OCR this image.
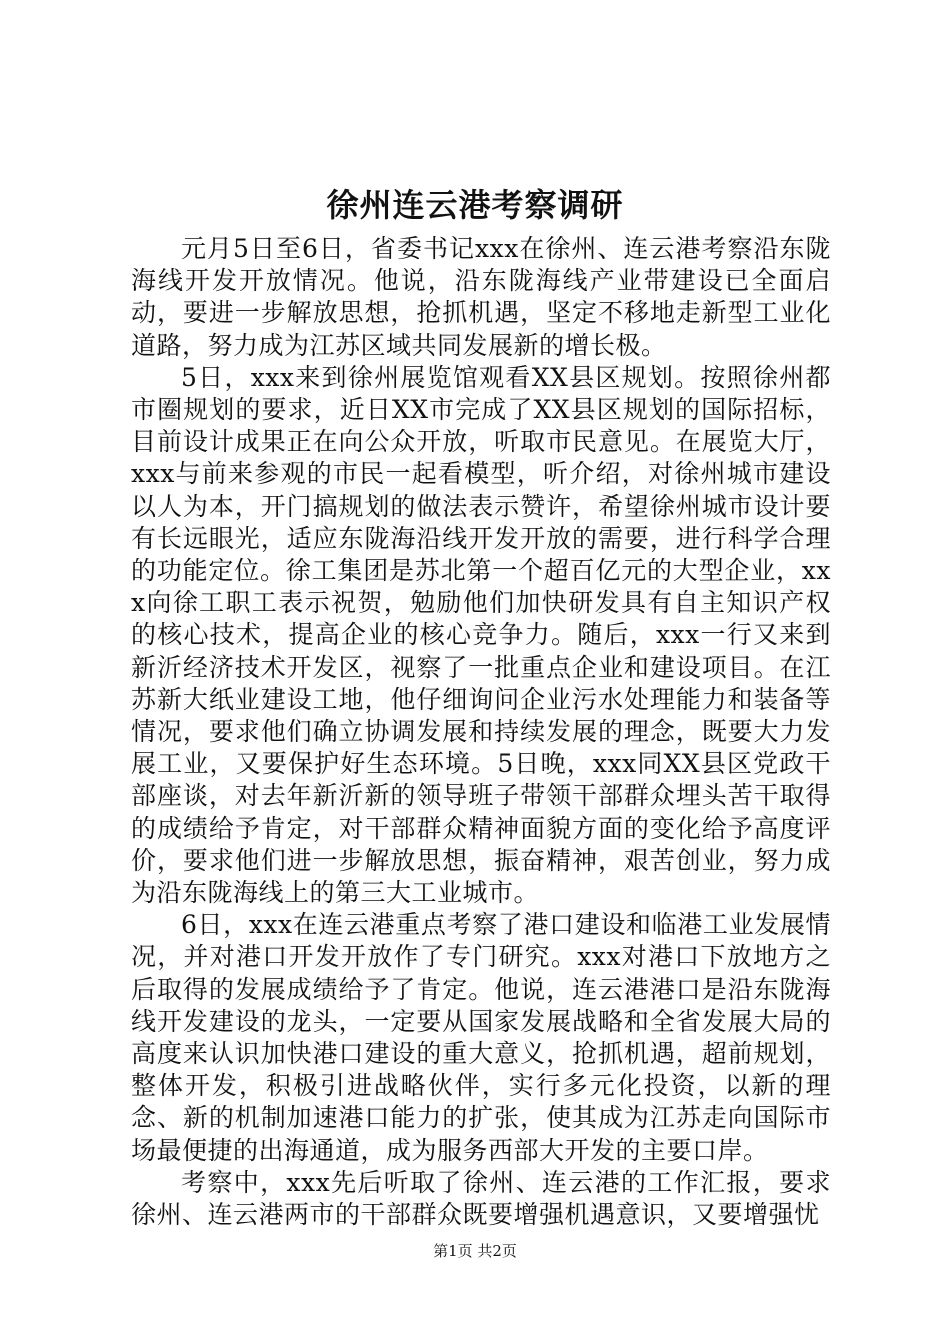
徐州连云港考察调研

元月5日至6日，省委书记xxx在徐州、连云港考察沿东陇海线开发开放情况。他说，沿东陇海线产业带建设已全面启动，要进一步解放思想，抢抓机遇，坚定不移地走新型工业化道路，努力成为江苏区域共同发展新的增长极。

5日，xxx来到徐州展览馆观看XX县区规划。按照徐州都市圈规划的要求，近日XX市完成了XX县区规划的国际招标，目前设计成果正在向公众开放，听取市民意见。在展览大厅，xxx与前来参观的市民一起看模型，听介绍，对徐州城市建设以人为本，开门搞规划的做法表示赞许，希望徐州城市设计要有长远眼光，适应东陇海沿线开发开放的需要，进行科学合理的功能定位。徐工集团是苏北第一个超百亿元的大型企业，xxx向徐工职工表示祝贺，勉励他们加快研发具有自主知识产权的核心技术，提高企业的核心竞争力。随后，xxx一行又来到新沂经济技术开发区，视察了一批重点企业和建设项目。在江苏新大纸业建设工地，他仔细询问企业污水处理能力和装备等情况，要求他们确立协调发展和持续发展的理念，既要大力发展工业，又要保护好生态环境。5日晚，xxx同XX县区党政干部座谈，对去年新沂新的领导班子带领干部群众埋头苦干取得的成绩给予肯定，对干部群众精神面貌方面的变化给予高度评价，要求他们进一步解放思想，振奋精神，艰苦创业，努力成为沿东陇海线上的第三大工业城市。

6日，xxx在连云港重点考察了港口建设和临港工业发展情况，并对港口开发开放作了专门研究。xxx对港口下放地方之后取得的发展成绩给予了肯定。他说，连云港港口是沿东陇海线开发建设的龙头，一定要从国家发展战略和全省发展大局的高度来认识加快港口建设的重大意义，抢抓机遇，超前规划，整体开发，积极引进战略伙伴，实行多元化投资，以新的理念、新的机制加速港口能力的扩张，使其成为江苏走向国际市场最便捷的出海通道，成为服务西部大开发的主要口岸。

考察中，xxx先后听取了徐州、连云港的工作汇报，要求徐州、连云港两市的干部群众既要增强机遇意识，又要增强忧

第1页 共2页
